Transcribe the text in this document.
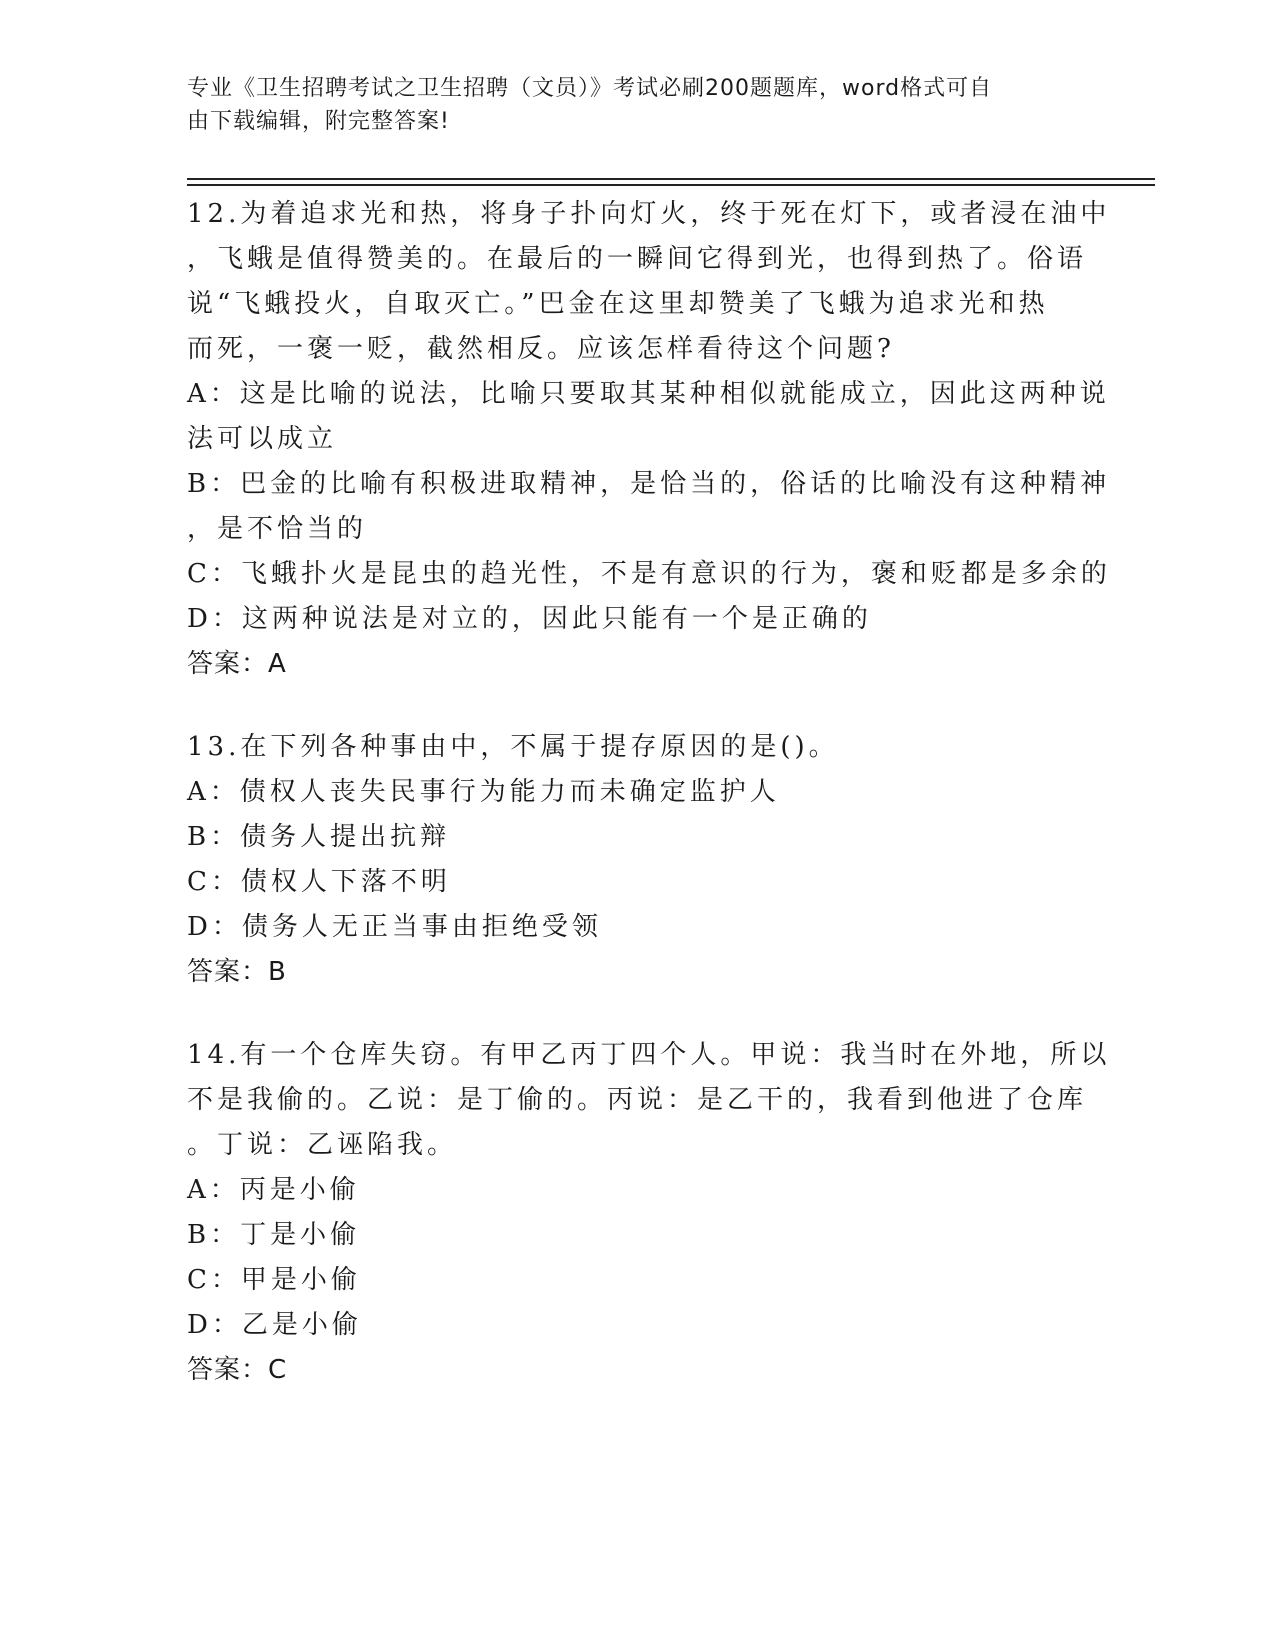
专业《卫生招聘考试之卫生招聘（文员）》考试必刷200题题库，word格式可自
由下载编辑，附完整答案!
12.为着追求光和热，将身子扑向灯火，终于死在灯下，或者浸在油中
，飞蛾是值得赞美的。在最后的一瞬间它得到光，也得到热了。俗语
说“飞蛾投火，自取灭亡。”巴金在这里却赞美了飞蛾为追求光和热
而死，一褒一贬，截然相反。应该怎样看待这个问题?
A：这是比喻的说法，比喻只要取其某种相似就能成立，因此这两种说
法可以成立
B：巴金的比喻有积极进取精神，是恰当的，俗话的比喻没有这种精神
，是不恰当的
C：飞蛾扑火是昆虫的趋光性，不是有意识的行为，褒和贬都是多余的
D：这两种说法是对立的，因此只能有一个是正确的
答案：A
13.在下列各种事由中，不属于提存原因的是()。
A：债权人丧失民事行为能力而未确定监护人
B：债务人提出抗辩
C：债权人下落不明
D：债务人无正当事由拒绝受领
答案：B
14.有一个仓库失窃。有甲乙丙丁四个人。甲说：我当时在外地，所以
不是我偷的。乙说：是丁偷的。丙说：是乙干的，我看到他进了仓库
。丁说：乙诬陷我。
A：丙是小偷
B：丁是小偷
C：甲是小偷
D：乙是小偷
答案：C
